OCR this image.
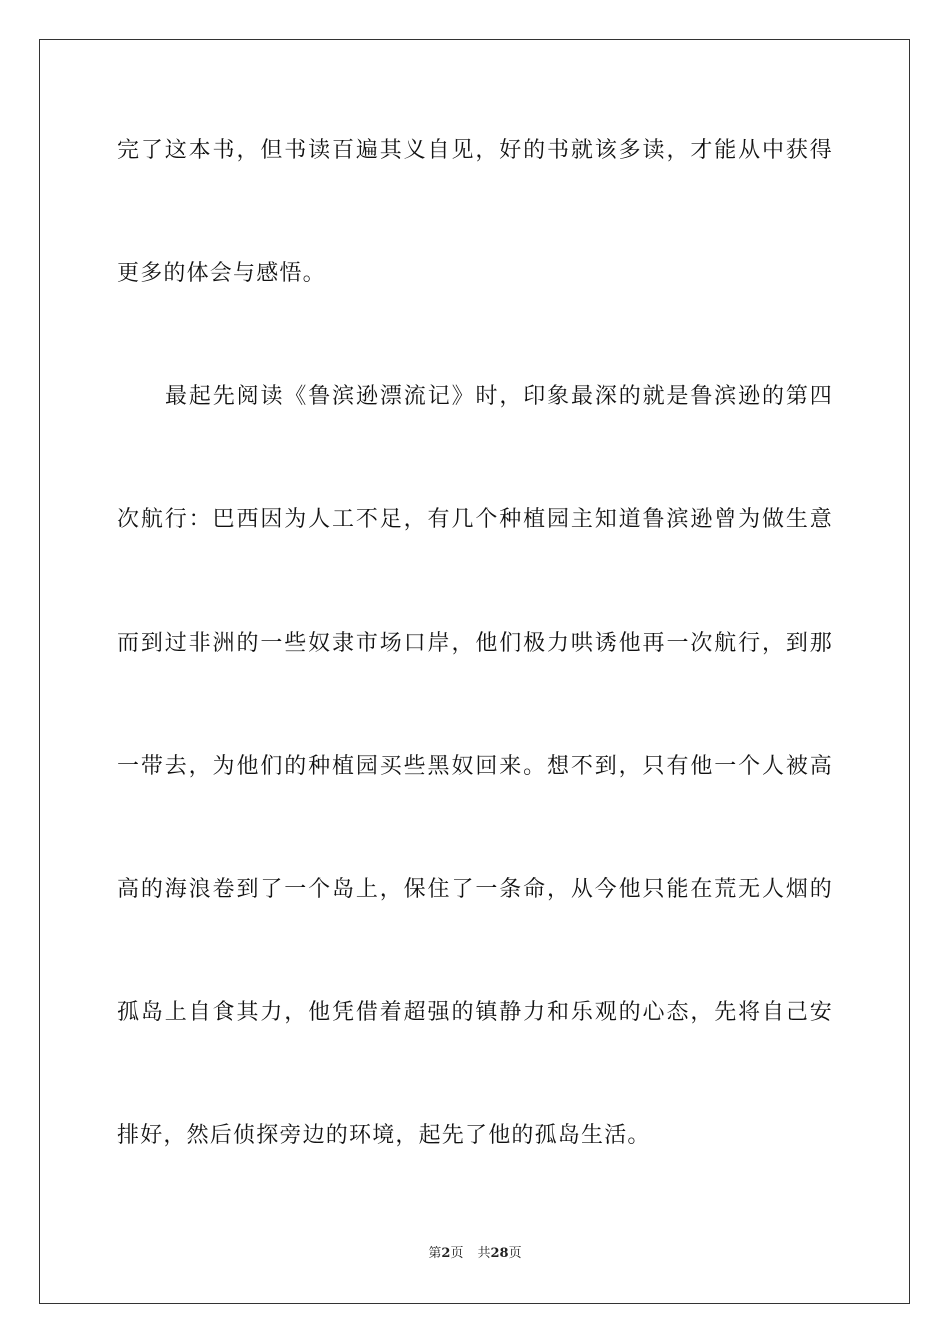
完了这本书，但书读百遍其义自见，好的书就该多读，才能从中获得
更多的体会与感悟。
最起先阅读《鲁滨逊漂流记》时，印象最深的就是鲁滨逊的第四
次航行：巴西因为人工不足，有几个种植园主知道鲁滨逊曾为做生意
而到过非洲的一些奴隶市场口岸，他们极力哄诱他再一次航行，到那
一带去，为他们的种植园买些黑奴回来。想不到，只有他一个人被高
高的海浪卷到了一个岛上，保住了一条命，从今他只能在荒无人烟的
孤岛上自食其力，他凭借着超强的镇静力和乐观的心态，先将自己安
排好，然后侦探旁边的环境，起先了他的孤岛生活。
第2页 共28页
